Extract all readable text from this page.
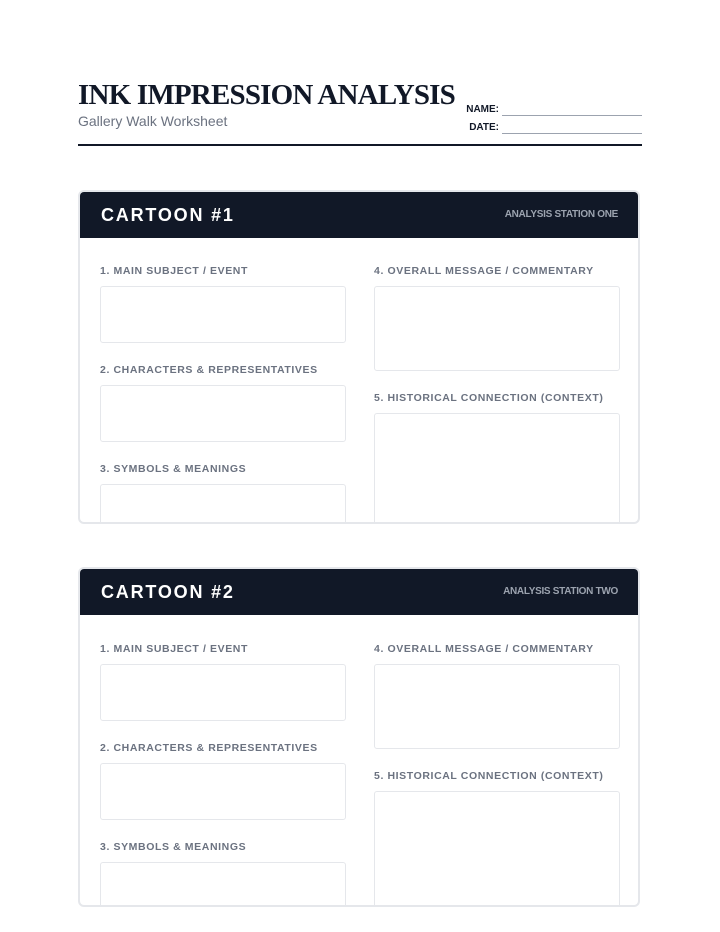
INK IMPRESSION ANALYSIS
Gallery Walk Worksheet
NAME:
DATE:
CARTOON #1	ANALYSIS STATION ONE
1. MAIN SUBJECT / EVENT
2. CHARACTERS & REPRESENTATIVES
3. SYMBOLS & MEANINGS
4. OVERALL MESSAGE / COMMENTARY
5. HISTORICAL CONNECTION (CONTEXT)
CARTOON #2	ANALYSIS STATION TWO
1. MAIN SUBJECT / EVENT
2. CHARACTERS & REPRESENTATIVES
3. SYMBOLS & MEANINGS
4. OVERALL MESSAGE / COMMENTARY
5. HISTORICAL CONNECTION (CONTEXT)
